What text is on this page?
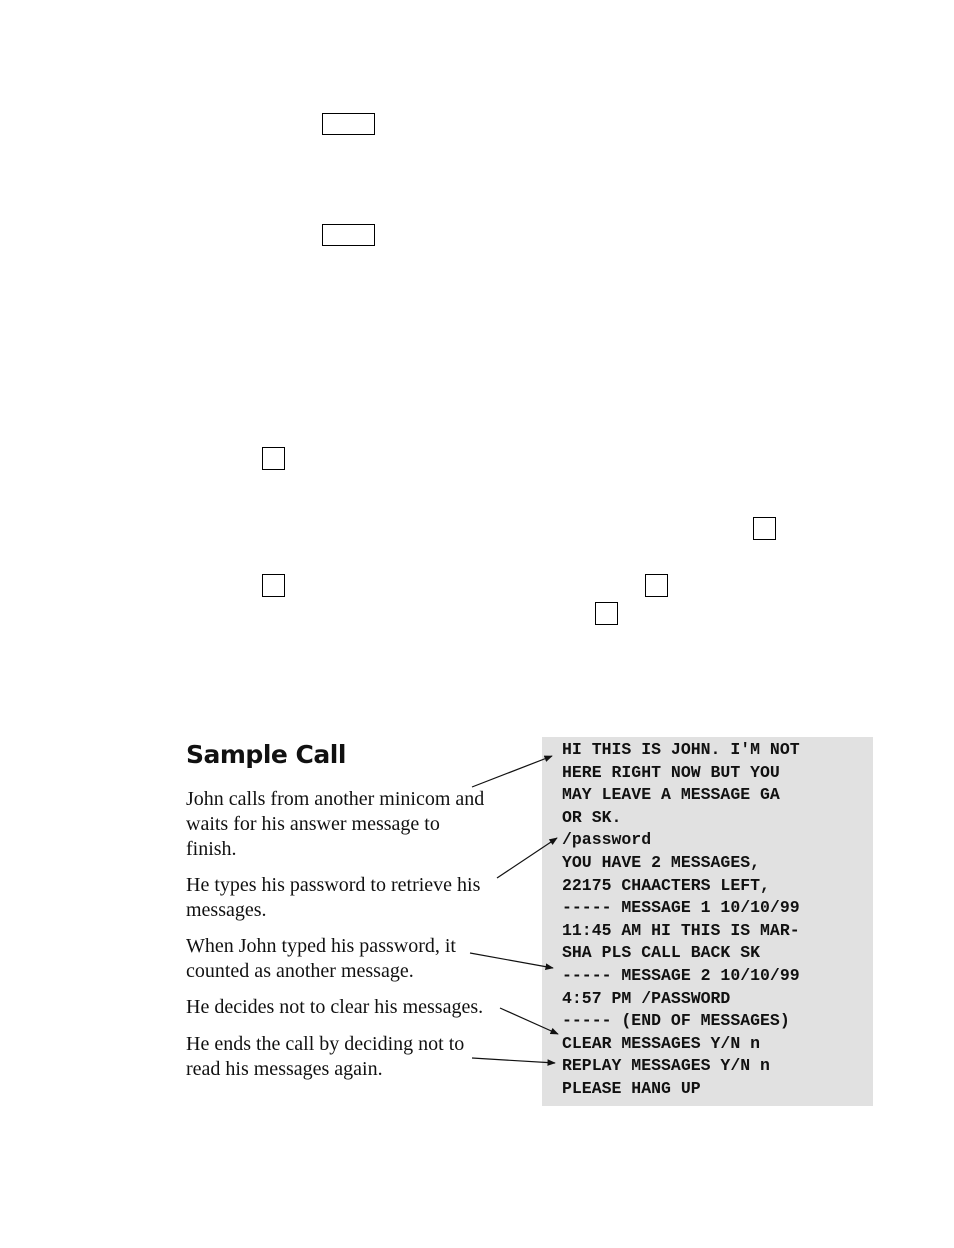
Sample Call
John calls from another minicom and
waits for his answer message to
finish.
He types his password to retrieve his
messages.
When John typed his password, it
counted as another message.
He decides not to clear his messages.
He ends the call by deciding not to
read his messages again.
HI THIS IS JOHN. I'M NOT
HERE RIGHT NOW BUT YOU
MAY LEAVE A MESSAGE GA
OR SK.
/password
YOU HAVE 2 MESSAGES,
22175 CHAACTERS LEFT,
----- MESSAGE 1 10/10/99
11:45 AM HI THIS IS MAR-
SHA PLS CALL BACK SK
----- MESSAGE 2 10/10/99
4:57 PM /PASSWORD
----- (END OF MESSAGES)
CLEAR MESSAGES Y/N n
REPLAY MESSAGES Y/N n
PLEASE HANG UP
